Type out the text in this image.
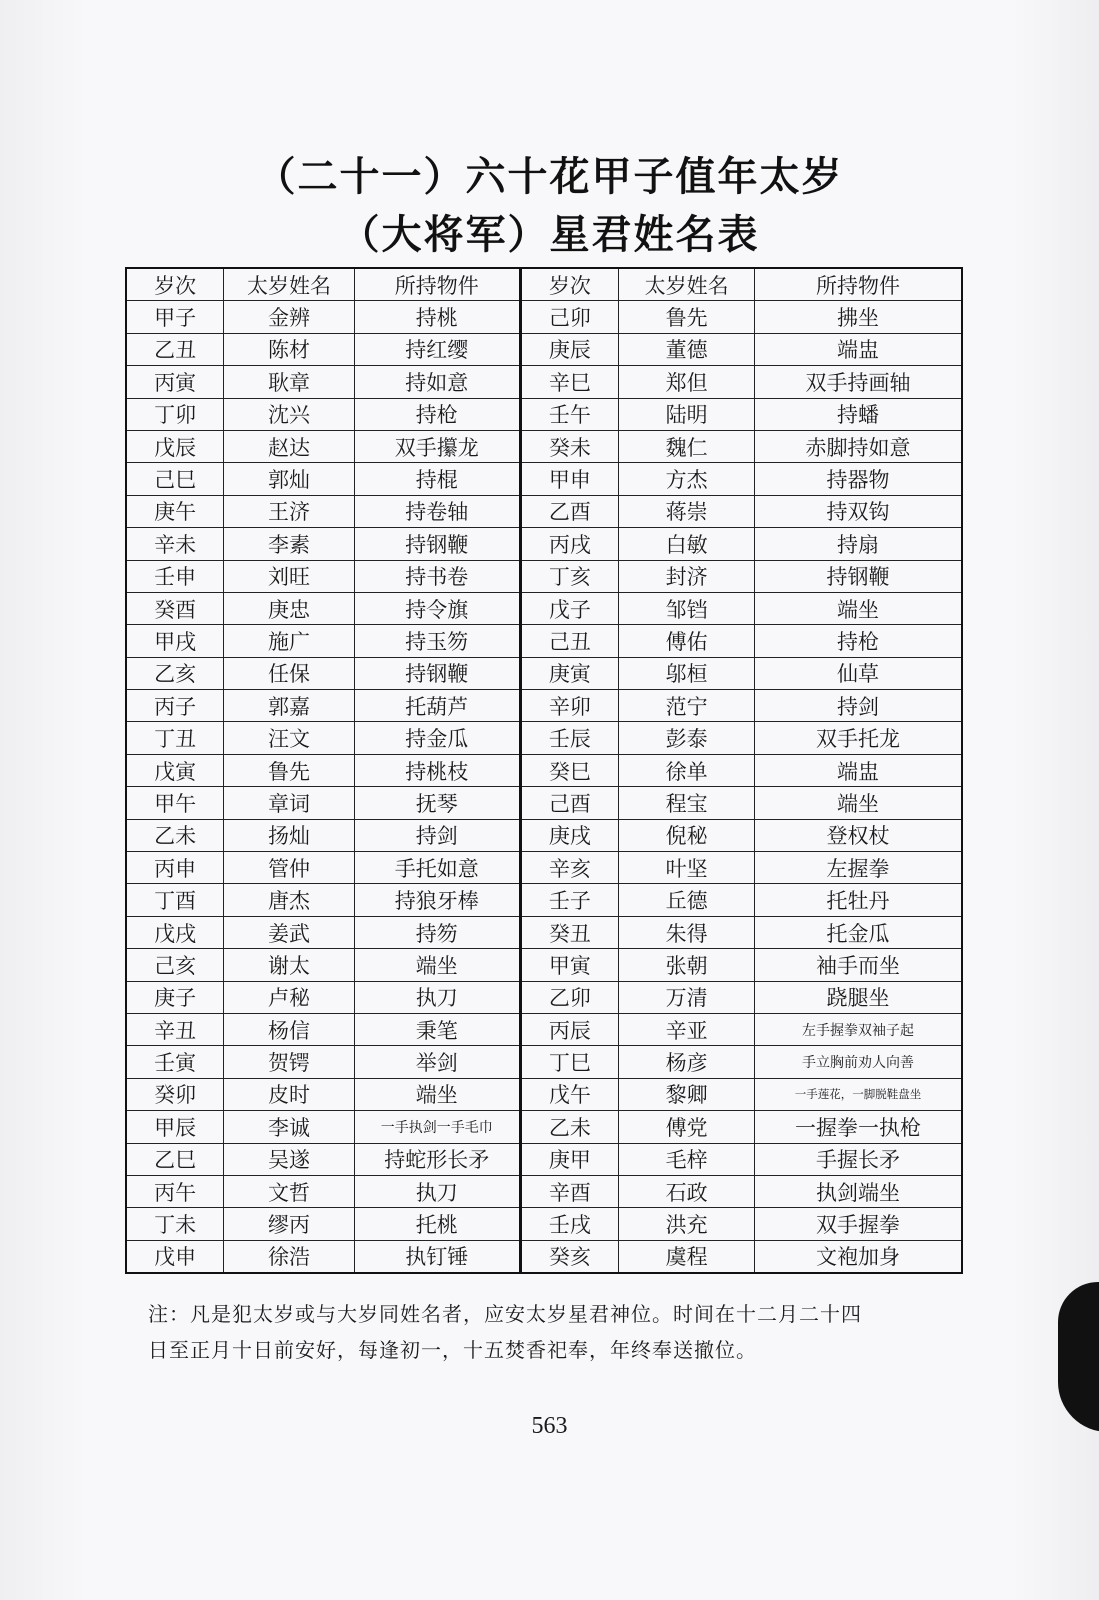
（二十一）六十花甲子值年太岁
（大将军）星君姓名表
岁次	太岁姓名	所持物件	岁次	太岁姓名	所持物件
甲子	金辨	持桃	己卯	鲁先	拂坐
乙丑	陈材	持红缨	庚辰	董德	端盅
丙寅	耿章	持如意	辛巳	郑但	双手持画轴
丁卯	沈兴	持枪	壬午	陆明	持蟠
戊辰	赵达	双手攥龙	癸未	魏仁	赤脚持如意
己巳	郭灿	持棍	甲申	方杰	持器物
庚午	王济	持卷轴	乙酉	蒋崇	持双钩
辛未	李素	持钢鞭	丙戌	白敏	持扇
壬申	刘旺	持书卷	丁亥	封济	持钢鞭
癸酉	庚忠	持令旗	戊子	邹铛	端坐
甲戌	施广	持玉笏	己丑	傅佑	持枪
乙亥	任保	持钢鞭	庚寅	邬桓	仙草
丙子	郭嘉	托葫芦	辛卯	范宁	持剑
丁丑	汪文	持金瓜	壬辰	彭泰	双手托龙
戊寅	鲁先	持桃枝	癸巳	徐单	端盅
甲午	章词	抚琴	己酉	程宝	端坐
乙未	扬灿	持剑	庚戌	倪秘	登权杖
丙申	管仲	手托如意	辛亥	叶坚	左握拳
丁酉	唐杰	持狼牙棒	壬子	丘德	托牡丹
戊戌	姜武	持笏	癸丑	朱得	托金瓜
己亥	谢太	端坐	甲寅	张朝	袖手而坐
庚子	卢秘	执刀	乙卯	万清	跷腿坐
辛丑	杨信	秉笔	丙辰	辛亚	左手握拳双袖子起
壬寅	贺锷	举剑	丁巳	杨彦	手立胸前劝人向善
癸卯	皮时	端坐	戊午	黎卿	一手莲花，一脚脱鞋盘坐
甲辰	李诚	一手执剑一手毛巾	乙未	傅党	一握拳一执枪
乙巳	吴遂	持蛇形长矛	庚甲	毛梓	手握长矛
丙午	文哲	执刀	辛酉	石政	执剑端坐
丁未	缪丙	托桃	壬戌	洪充	双手握拳
戊申	徐浩	执钉锤	癸亥	虞程	文袍加身

注：凡是犯太岁或与大岁同姓名者，应安太岁星君神位。时间在十二月二十四

日至正月十日前安好，每逢初一，十五焚香祀奉，年终奉送撤位。

563
